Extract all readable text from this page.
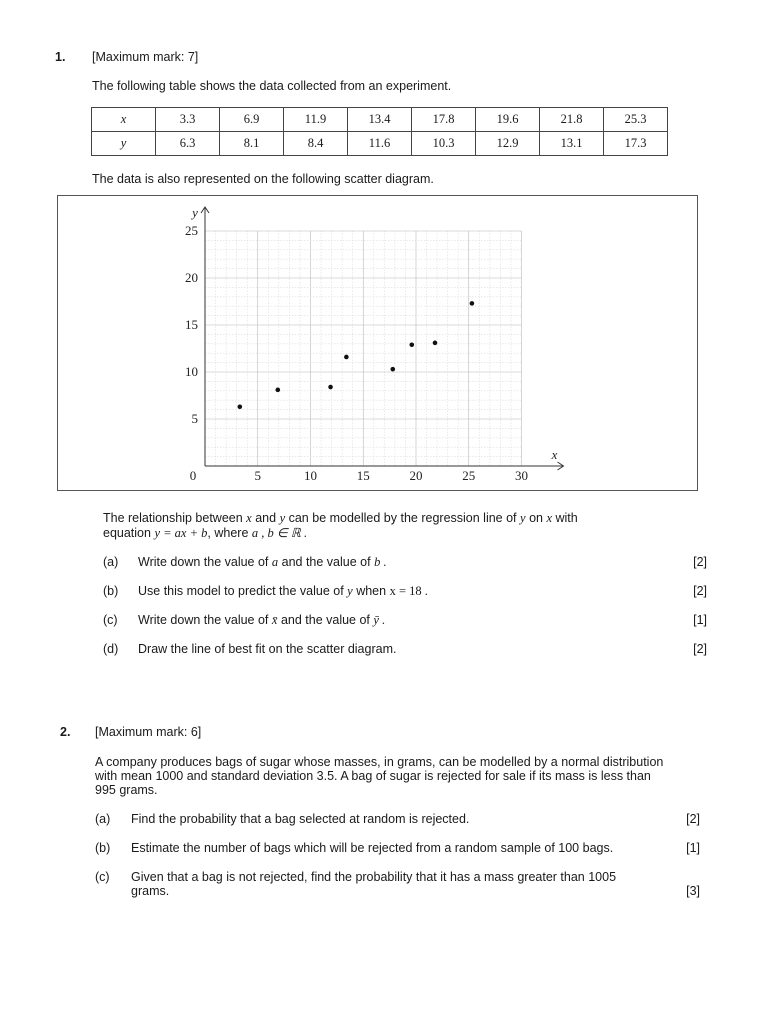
1. [Maximum mark: 7]
The following table shows the data collected from an experiment.
x	3.3	6.9	11.9	13.4	17.8	19.6	21.8	25.3
y	6.3	8.1	8.4	11.6	10.3	12.9	13.1	17.3
The data is also represented on the following scatter diagram.
x
y
0	5	10	15	20	25	30
5
10
15
20
25
The relationship between x and y can be modelled by the regression line of y on x with
equation y = ax + b, where a , b ∈ ℝ .
(a) Write down the value of a and the value of b .	[2]
(b) Use this model to predict the value of y when x = 18 .	[2]
(c) Write down the value of x̄ and the value of ȳ .	[1]
(d) Draw the line of best fit on the scatter diagram.	[2]
2. [Maximum mark: 6]
A company produces bags of sugar whose masses, in grams, can be modelled by a normal distribution with mean 1000 and standard deviation 3.5. A bag of sugar is rejected for sale if its mass is less than 995 grams.
(a) Find the probability that a bag selected at random is rejected.	[2]
(b) Estimate the number of bags which will be rejected from a random sample of 100 bags.	[1]
(c) Given that a bag is not rejected, find the probability that it has a mass greater than 1005 grams.	[3]
